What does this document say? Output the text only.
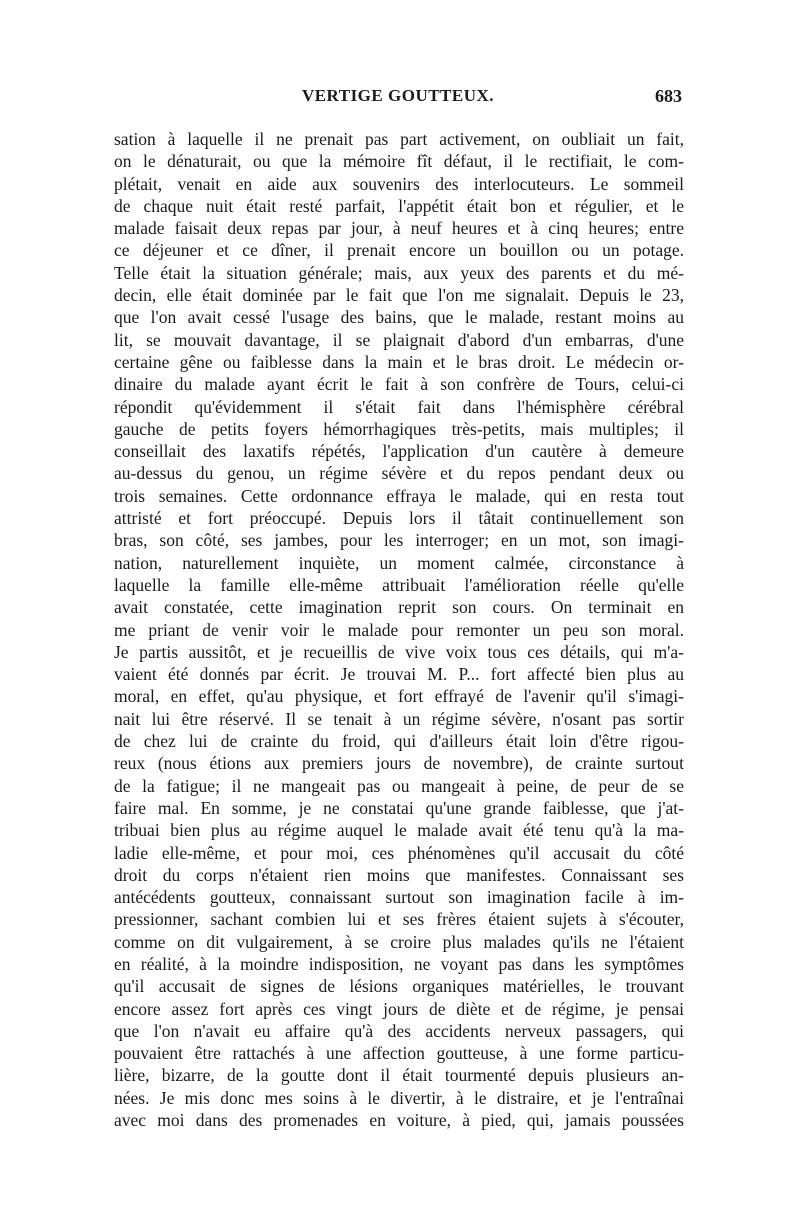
VERTIGE GOUTTEUX.	683
sation à laquelle il ne prenait pas part activement, on oubliait un fait,
on le dénaturait, ou que la mémoire fît défaut, il le rectifiait, le com-
plétait, venait en aide aux souvenirs des interlocuteurs. Le sommeil
de chaque nuit était resté parfait, l'appétit était bon et régulier, et le
malade faisait deux repas par jour, à neuf heures et à cinq heures; entre
ce déjeuner et ce dîner, il prenait encore un bouillon ou un potage.
Telle était la situation générale; mais, aux yeux des parents et du mé-
decin, elle était dominée par le fait que l'on me signalait. Depuis le 23,
que l'on avait cessé l'usage des bains, que le malade, restant moins au
lit, se mouvait davantage, il se plaignait d'abord d'un embarras, d'une
certaine gêne ou faiblesse dans la main et le bras droit. Le médecin or-
dinaire du malade ayant écrit le fait à son confrère de Tours, celui-ci
répondit qu'évidemment il s'était fait dans l'hémisphère cérébral
gauche de petits foyers hémorrhagiques très-petits, mais multiples; il
conseillait des laxatifs répétés, l'application d'un cautère à demeure
au-dessus du genou, un régime sévère et du repos pendant deux ou
trois semaines. Cette ordonnance effraya le malade, qui en resta tout
attristé et fort préoccupé. Depuis lors il tâtait continuellement son
bras, son côté, ses jambes, pour les interroger; en un mot, son imagi-
nation, naturellement inquiète, un moment calmée, circonstance à
laquelle la famille elle-même attribuait l'amélioration réelle qu'elle
avait constatée, cette imagination reprit son cours. On terminait en
me priant de venir voir le malade pour remonter un peu son moral.
Je partis aussitôt, et je recueillis de vive voix tous ces détails, qui m'a-
vaient été donnés par écrit. Je trouvai M. P... fort affecté bien plus au
moral, en effet, qu'au physique, et fort effrayé de l'avenir qu'il s'imagi-
nait lui être réservé. Il se tenait à un régime sévère, n'osant pas sortir
de chez lui de crainte du froid, qui d'ailleurs était loin d'être rigou-
reux (nous étions aux premiers jours de novembre), de crainte surtout
de la fatigue; il ne mangeait pas ou mangeait à peine, de peur de se
faire mal. En somme, je ne constatai qu'une grande faiblesse, que j'at-
tribuai bien plus au régime auquel le malade avait été tenu qu'à la ma-
ladie elle-même, et pour moi, ces phénomènes qu'il accusait du côté
droit du corps n'étaient rien moins que manifestes. Connaissant ses
antécédents goutteux, connaissant surtout son imagination facile à im-
pressionner, sachant combien lui et ses frères étaient sujets à s'écouter,
comme on dit vulgairement, à se croire plus malades qu'ils ne l'étaient
en réalité, à la moindre indisposition, ne voyant pas dans les symptômes
qu'il accusait de signes de lésions organiques matérielles, le trouvant
encore assez fort après ces vingt jours de diète et de régime, je pensai
que l'on n'avait eu affaire qu'à des accidents nerveux passagers, qui
pouvaient être rattachés à une affection goutteuse, à une forme particu-
lière, bizarre, de la goutte dont il était tourmenté depuis plusieurs an-
nées. Je mis donc mes soins à le divertir, à le distraire, et je l'entraînai
avec moi dans des promenades en voiture, à pied, qui, jamais poussées
